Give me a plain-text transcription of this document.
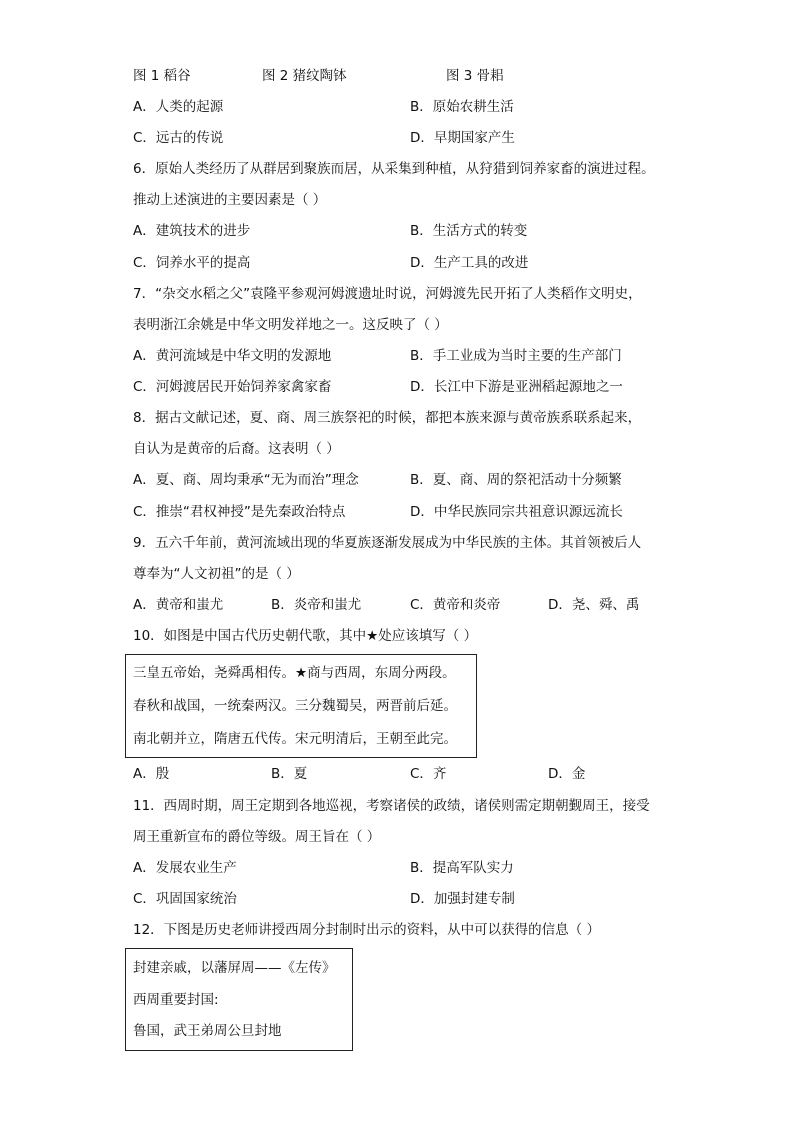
图 1 稻谷	图 2 猪纹陶钵	图 3 骨耜
A．人类的起源	B．原始农耕生活
C．远古的传说	D．早期国家产生
6．原始人类经历了从群居到聚族而居，从采集到种植，从狩猎到饲养家畜的演进过程。
推动上述演进的主要因素是（ ）
A．建筑技术的进步	B．生活方式的转变
C．饲养水平的提高	D．生产工具的改进
7．“杂交水稻之父”袁隆平参观河姆渡遗址时说，河姆渡先民开拓了人类稻作文明史，
表明浙江余姚是中华文明发祥地之一。这反映了（ ）
A．黄河流域是中华文明的发源地	B．手工业成为当时主要的生产部门
C．河姆渡居民开始饲养家禽家畜	D．长江中下游是亚洲稻起源地之一
8．据古文献记述，夏、商、周三族祭祀的时候，都把本族来源与黄帝族系联系起来，
自认为是黄帝的后裔。这表明（ ）
A．夏、商、周均秉承“无为而治”理念	B．夏、商、周的祭祀活动十分频繁
C．推崇“君权神授”是先秦政治特点	D．中华民族同宗共祖意识源远流长
9．五六千年前，黄河流域出现的华夏族逐渐发展成为中华民族的主体。其首领被后人
尊奉为“人文初祖”的是（ ）
A．黄帝和蚩尤	B．炎帝和蚩尤	C．黄帝和炎帝	D．尧、舜、禹
10．如图是中国古代历史朝代歌，其中★处应该填写（ ）
三皇五帝始，尧舜禹相传。★商与西周，东周分两段。
春秋和战国，一统秦两汉。三分魏蜀吴，两晋前后延。
南北朝并立，隋唐五代传。宋元明清后，王朝至此完。
A．殷	B．夏	C．齐	D．金
11．西周时期，周王定期到各地巡视，考察诸侯的政绩，诸侯则需定期朝觐周王，接受
周王重新宣布的爵位等级。周王旨在（ ）
A．发展农业生产	B．提高军队实力
C．巩固国家统治	D．加强封建专制
12．下图是历史老师讲授西周分封制时出示的资料，从中可以获得的信息（ ）
封建亲戚，以藩屏周——《左传》
西周重要封国:
鲁国，武王弟周公旦封地
